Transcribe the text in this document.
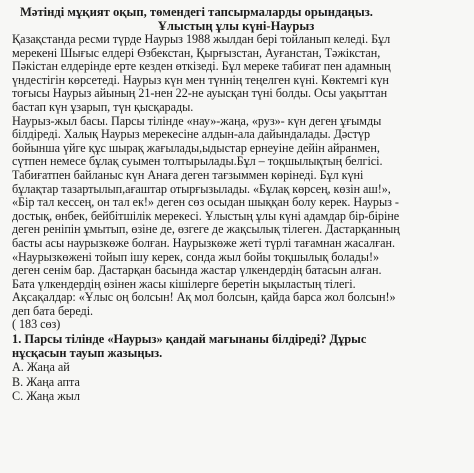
Мәтінді мұқият оқып, төмендегі тапсырмаларды орындаңыз.
Ұлыстың ұлы күні-Наурыз
Қазақстанда ресми түрде Наурыз 1988 жылдан бері тойланып келеді. Бұл
мерекені Шығыс елдері Өзбекстан, Қырғызстан, Ауғанстан, Тәжікстан,
Пәкістан елдерінде ерте кезден өткізеді. Бұл мереке табиғат пен адамның
үндестігін көрсетеді. Наурыз күн мен түннің теңелген күні. Көктемгі күн
тоғысы Наурыз айының 21-нен 22-не ауысқан түні болды. Осы уақыттан
бастап күн ұзарып, түн қысқарады.
Наурыз-жыл басы. Парсы тілінде «нау»-жаңа, «руз»- күн деген ұғымды
білдіреді. Халық Наурыз мерекесіне алдын-ала дайындалады. Дәстүр
бойынша үйге құс шырақ жағылады,ыдыстар ернеуіне дейін айранмен,
сүтпен немесе бұлақ суымен толтырылады.Бұл – тоқшылықтың белгісі.
Табиғатпен байланыс күн Анаға деген тағзыммен көрінеді. Бұл күні
бұлақтар тазартылып,ағаштар отырғызылады. «Бұлақ көрсең, көзін аш!»,
«Бір тал кессең, он тал ек!» деген сөз осыдан шыққан болу керек. Наурыз -
достық, өнбек, бейбітшілік мерекесі. Ұлыстың ұлы күні адамдар бір-біріне
деген реніпін ұмытып, өзіне де, өзгеге де жақсылық тілеген. Дастарқанның
басты асы наурызкөже болған. Наурызкөже жеті түрлі тағамнан жасалған.
«Наурызкөжені тойып ішу керек, сонда жыл бойы тоқшылық болады!»
деген сенім бар. Дастарқан басында жастар үлкендердің батасын алған.
Бата үлкендердің өзінен жасы кішілерге беретін ықыластың тілегі.
Ақсақалдар: «Ұлыс оң болсын! Ақ мол болсын, қайда барса жол болсын!»
деп бата береді.
( 183 сөз)
1. Парсы тілінде «Наурыз» қандай мағынаны білдіреді? Дұрыс
нұсқасын тауып жазыңыз.
А. Жаңа ай
В. Жаңа апта
С. Жаңа жыл
